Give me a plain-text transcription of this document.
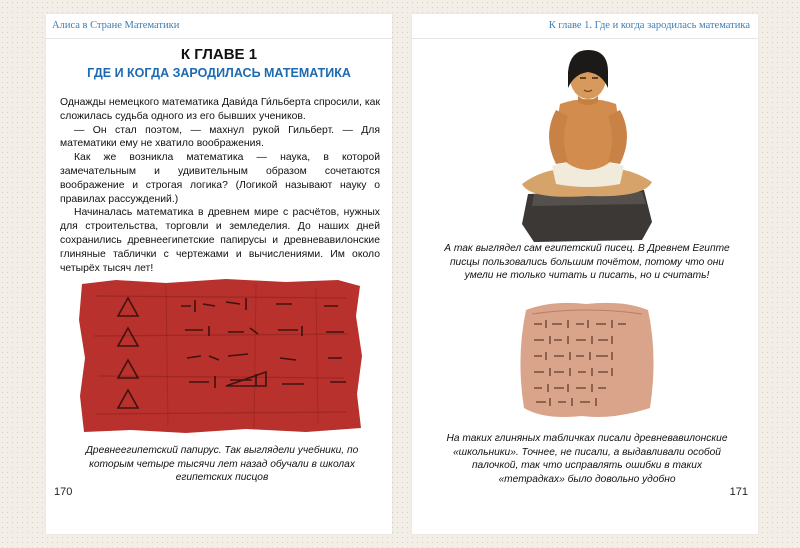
Алиса в Стране Математики
К ГЛАВЕ 1
ГДЕ И КОГДА ЗАРОДИЛАСЬ МАТЕМАТИКА

Однажды немецкого математика Дави́да Ги́льберта спросили, как сложилась судьба одного из его бывших учеников.

— Он стал поэтом, — махнул рукой Гильберт. — Для математики ему не хватило воображения.

Как же возникла математика — наука, в которой замечательным и удивительным образом сочетаются воображение и строгая логика? (Логикой называют науку о правилах рассуждений.)

Начиналась математика в древнем мире с расчётов, нужных для строительства, торговли и земледелия. До наших дней сохранились древнеегипетские папирусы и древневавилонские глиняные таблички с чертежами и вычислениями. Им около четырёх тысяч лет!

Древнеегипетский папирус. Так выглядели учебники, по которым четыре тысячи лет назад обучали в школах египетских писцов
170
К главе 1. Где и когда зародилась математика
А так выглядел сам египетский писец. В Древнем Египте писцы пользовались большим почётом, потому что они умели не только читать и писать, но и считать!
На таких глиняных табличках писали древневавилонские «школьники». Точнее, не писали, а выдавливали особой палочкой, так что исправлять ошибки в таких «тетрадках» было довольно удобно
171
